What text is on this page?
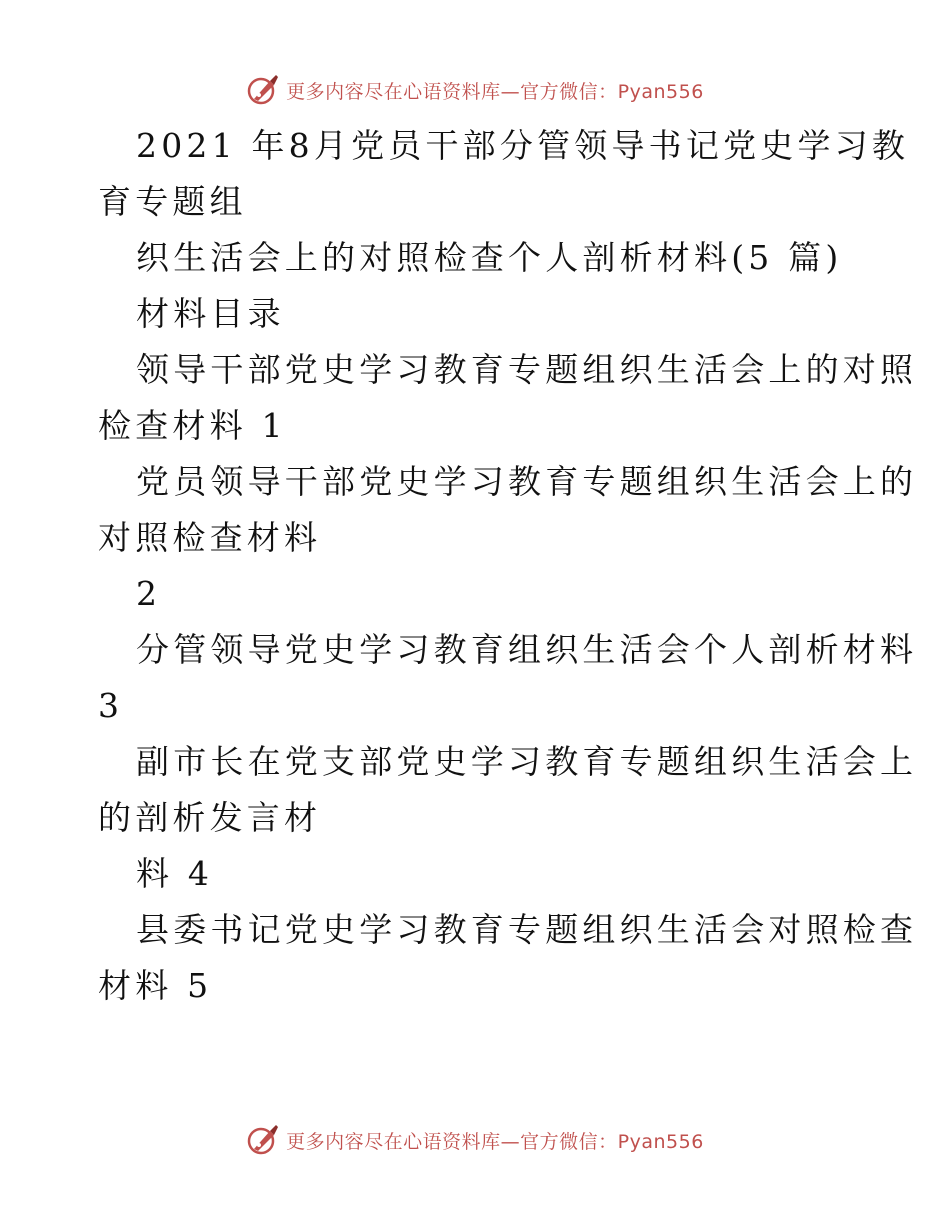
更多内容尽在心语资料库—官方微信：Pyan556
2021 年8月党员干部分管领导书记党史学习教
育专题组
织生活会上的对照检查个人剖析材料(5 篇)
材料目录
领导干部党史学习教育专题组织生活会上的对照
检查材料 1
党员领导干部党史学习教育专题组织生活会上的
对照检查材料
2
分管领导党史学习教育组织生活会个人剖析材料
3
副市长在党支部党史学习教育专题组织生活会上
的剖析发言材
料 4
县委书记党史学习教育专题组织生活会对照检查
材料 5
更多内容尽在心语资料库—官方微信：Pyan556
